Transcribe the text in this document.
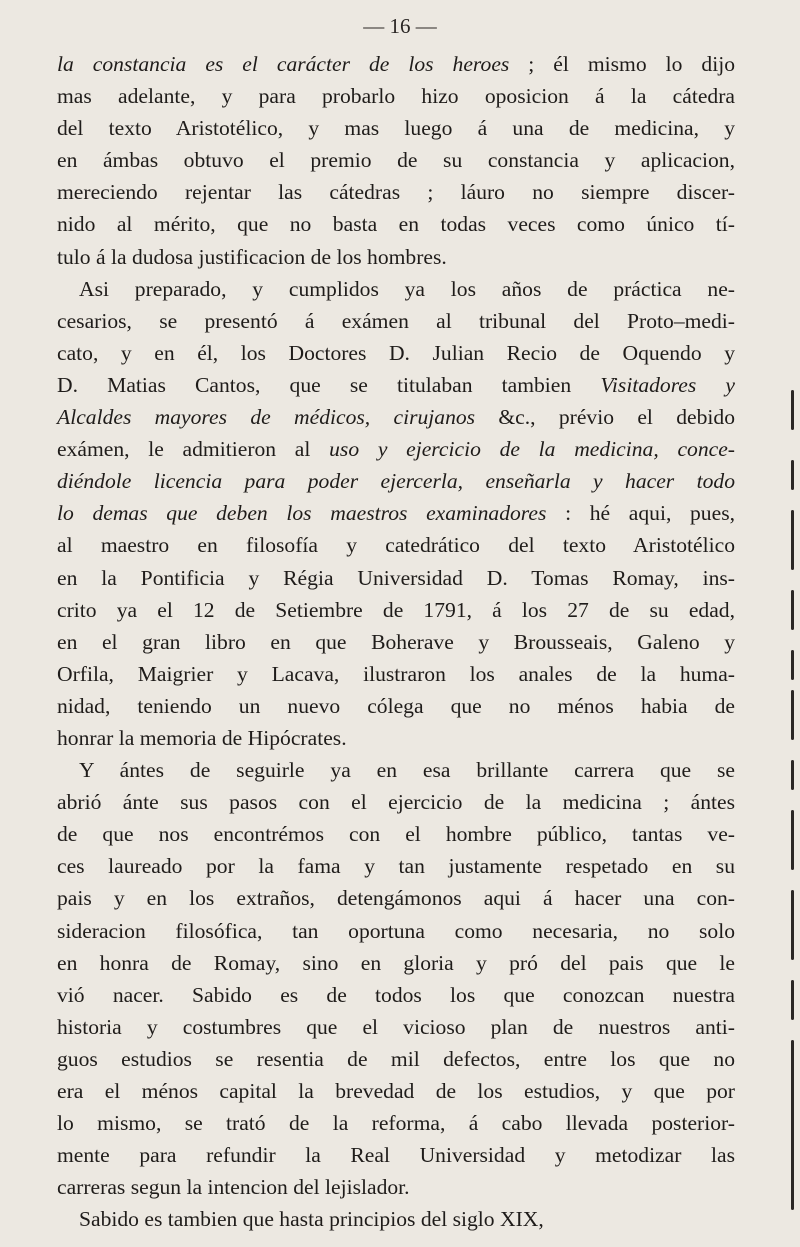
— 16 —
la constancia es el carácter de los heroes ; él mismo lo dijo
mas adelante, y para probarlo hizo oposicion á la cátedra
del texto Aristotélico, y mas luego á una de medicina, y
en ámbas obtuvo el premio de su constancia y aplicacion,
mereciendo rejentar las cátedras ; láuro no siempre discer-
nido al mérito, que no basta en todas veces como único tí-
tulo á la dudosa justificacion de los hombres.
Asi preparado, y cumplidos ya los años de práctica ne-
cesarios, se presentó á exámen al tribunal del Proto–medi-
cato, y en él, los Doctores D. Julian Recio de Oquendo y
D. Matias Cantos, que se titulaban tambien Visitadores y
Alcaldes mayores de médicos, cirujanos &c., prévio el debido
exámen, le admitieron al uso y ejercicio de la medicina, conce-
diéndole licencia para poder ejercerla, enseñarla y hacer todo
lo demas que deben los maestros examinadores : hé aqui, pues,
al maestro en filosofía y catedrático del texto Aristotélico
en la Pontificia y Régia Universidad D. Tomas Romay, ins-
crito ya el 12 de Setiembre de 1791, á los 27 de su edad,
en el gran libro en que Boherave y Brousseais, Galeno y
Orfila, Maigrier y Lacava, ilustraron los anales de la huma-
nidad, teniendo un nuevo cólega que no ménos habia de
honrar la memoria de Hipócrates.
Y ántes de seguirle ya en esa brillante carrera que se
abrió ánte sus pasos con el ejercicio de la medicina ; ántes
de que nos encontrémos con el hombre público, tantas ve-
ces laureado por la fama y tan justamente respetado en su
pais y en los extraños, detengámonos aqui á hacer una con-
sideracion filosófica, tan oportuna como necesaria, no solo
en honra de Romay, sino en gloria y pró del pais que le
vió nacer. Sabido es de todos los que conozcan nuestra
historia y costumbres que el vicioso plan de nuestros anti-
guos estudios se resentia de mil defectos, entre los que no
era el ménos capital la brevedad de los estudios, y que por
lo mismo, se trató de la reforma, á cabo llevada posterior-
mente para refundir la Real Universidad y metodizar las
carreras segun la intencion del lejislador.
Sabido es tambien que hasta principios del siglo XIX,
